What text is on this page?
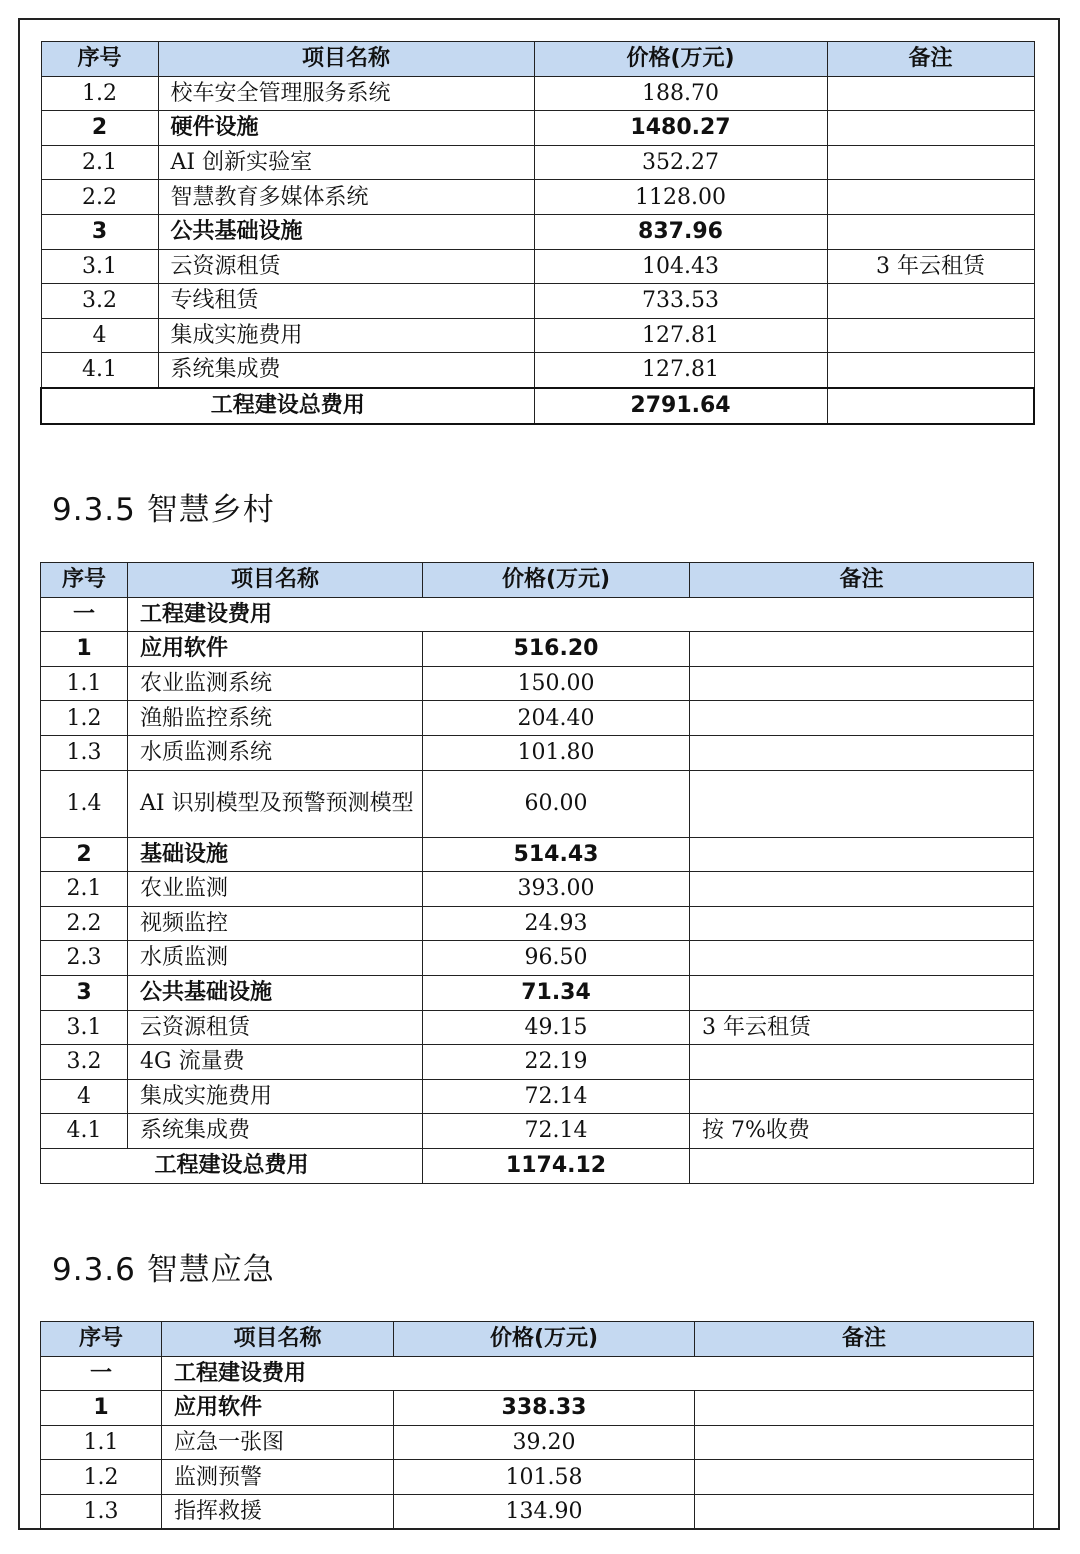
序号	项目名称	价格(万元)	备注
1.2	校车安全管理服务系统	188.70	
2	硬件设施	1480.27	
2.1	AI 创新实验室	352.27	
2.2	智慧教育多媒体系统	1128.00	
3	公共基础设施	837.96	
3.1	云资源租赁	104.43	3 年云租赁
3.2	专线租赁	733.53	
4	集成实施费用	127.81	
4.1	系统集成费	127.81	
工程建设总费用		2791.64	
9.3.5 智慧乡村
序号	项目名称	价格(万元)	备注
一	工程建设费用		
1	应用软件	516.20	
1.1	农业监测系统	150.00	
1.2	渔船监控系统	204.40	
1.3	水质监测系统	101.80	
1.4	AI 识别模型及预警预测模型	60.00	
2	基础设施	514.43	
2.1	农业监测	393.00	
2.2	视频监控	24.93	
2.3	水质监测	96.50	
3	公共基础设施	71.34	
3.1	云资源租赁	49.15	3 年云租赁
3.2	4G 流量费	22.19	
4	集成实施费用	72.14	
4.1	系统集成费	72.14	按 7%收费
工程建设总费用		1174.12	
9.3.6 智慧应急
序号	项目名称	价格(万元)	备注
一	工程建设费用		
1	应用软件	338.33	
1.1	应急一张图	39.20	
1.2	监测预警	101.58	
1.3	指挥救援	134.90	
